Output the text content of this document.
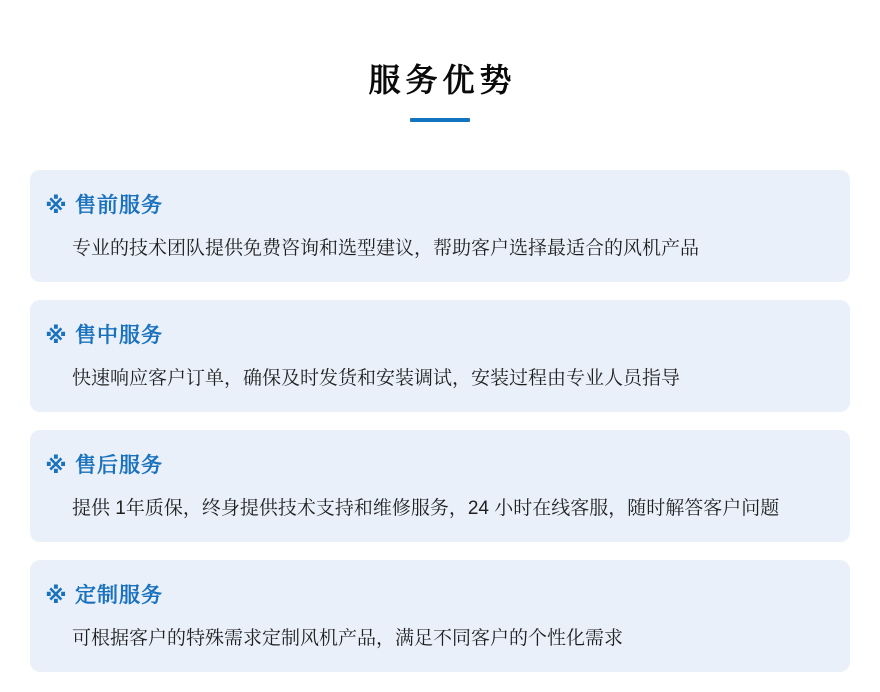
服务优势
※ 售前服务
专业的技术团队提供免费咨询和选型建议，帮助客户选择最适合的风机产品
※ 售中服务
快速响应客户订单，确保及时发货和安装调试，安装过程由专业人员指导
※ 售后服务
提供 1年质保，终身提供技术支持和维修服务，24 小时在线客服，随时解答客户问题
※ 定制服务
可根据客户的特殊需求定制风机产品，满足不同客户的个性化需求
